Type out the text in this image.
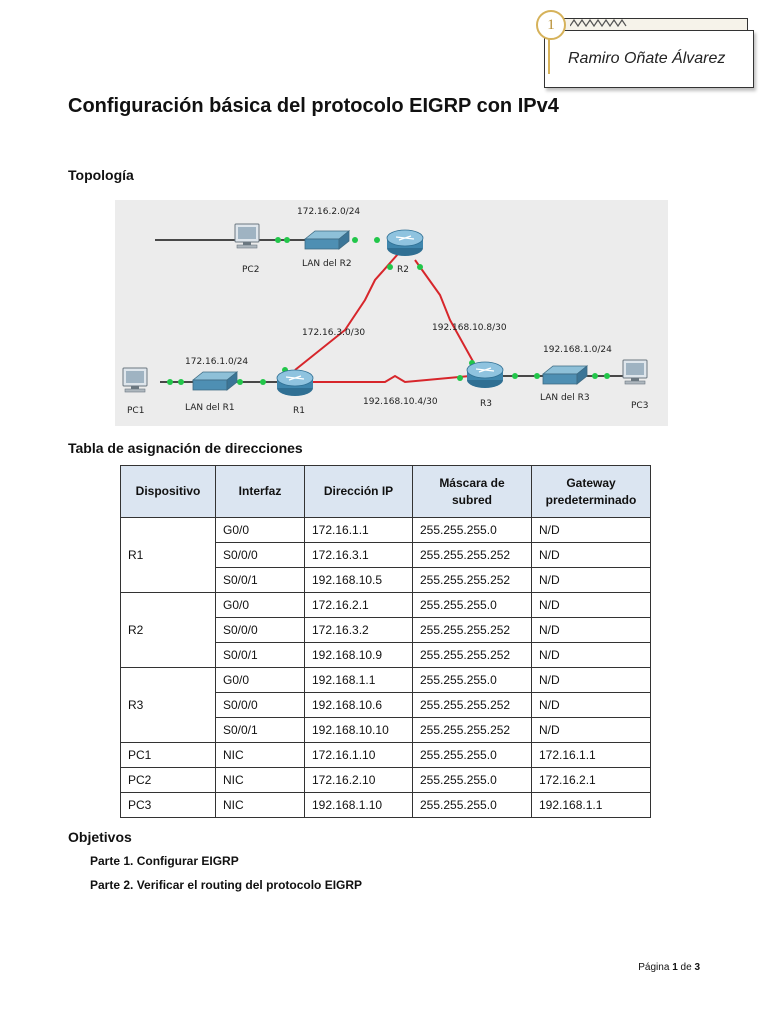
1
Ramiro Oñate Álvarez
Configuración básica del protocolo EIGRP con IPv4
Topología
172.16.2.0/24
LAN del R2
PC2	R2
172.16.3.0/30	192.168.10.8/30
192.168.1.0/24
172.16.1.0/24
PC1	LAN del R1	R1
192.168.10.4/30	R3
LAN del R3
PC3
Tabla de asignación de direcciones
Dispositivo	Interfaz	Dirección IP	Máscara de subred	Gateway predeterminado
R1	G0/0	172.16.1.1	255.255.255.0	N/D
	S0/0/0	172.16.3.1	255.255.255.252	N/D
	S0/0/1	192.168.10.5	255.255.255.252	N/D
R2	G0/0	172.16.2.1	255.255.255.0	N/D
	S0/0/0	172.16.3.2	255.255.255.252	N/D
	S0/0/1	192.168.10.9	255.255.255.252	N/D
R3	G0/0	192.168.1.1	255.255.255.0	N/D
	S0/0/0	192.168.10.6	255.255.255.252	N/D
	S0/0/1	192.168.10.10	255.255.255.252	N/D
PC1	NIC	172.16.1.10	255.255.255.0	172.16.1.1
PC2	NIC	172.16.2.10	255.255.255.0	172.16.2.1
PC3	NIC	192.168.1.10	255.255.255.0	192.168.1.1
Objetivos
Parte 1. Configurar EIGRP
Parte 2. Verificar el routing del protocolo EIGRP
Página 1 de 3
